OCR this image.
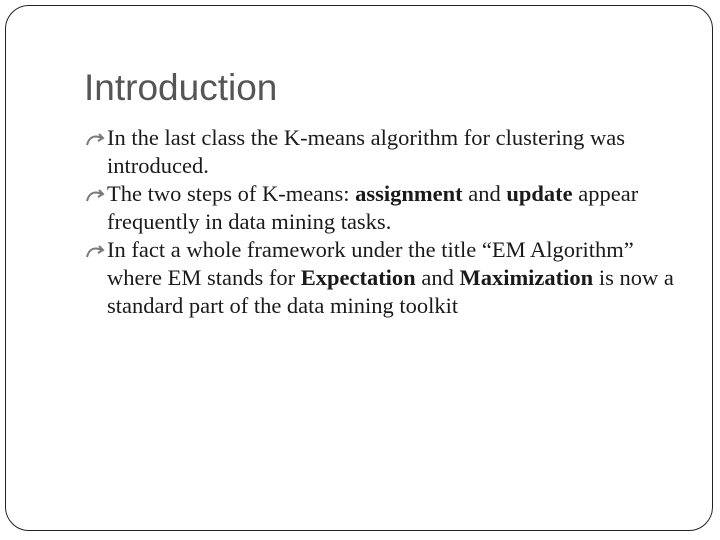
Introduction
In the last class the K-means algorithm for clustering was introduced.
The two steps of K-means: assignment and update appear frequently in data mining tasks.
In fact a whole framework under the title “EM Algorithm” where EM stands for Expectation and Maximization is now a standard part of the data mining toolkit
